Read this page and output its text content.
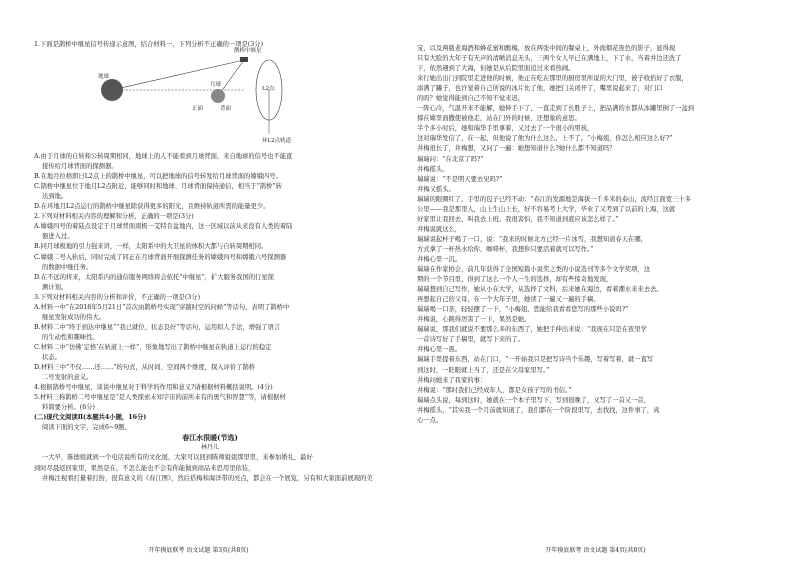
1.下面是鹊桥中继星信号传递示意图，结合材料一，下列分析不正确的一项是(3分)
地球
月球
鹊桥中继星
L2点
正面	背面
环L2点轨道
A.由于月球的自转和公转周期相同，地球上的人不能看到月球背面，来自地球的信号也不能直
接传给月球背面的探测器。
B.在地月拉格朗日L2点上的鹊桥中继星，可以把地球的信号转发给月球背面的嫦娥四号。
C.鹊桥中继星位于地月L2点附近，能够同时和地球、月球背面保持通信，相当于“鹊桥”转
达到地。
D.在环地月L2点运行的鹊桥中继星除获得更多的阳光，且维持轨道所需的能量更少。
2.下列对材料相关内容的理解和分析，正确的一项是(3分)
A.嫦娥四号的着陆点设定于月球背面南极一艾特肯盆地内，这一区域以前从来没有人类的着陆
器进入过。
B.同月球极地的引力强来讲，一样，太阳系中的大卫星的体积大都与自转周期相同。
C.嫦娥二号入轨后，同时完成了同正在月球背面开展探测任务的嫦娥四号和嫦娥六号探测器
的数据中继任务。
D.在不远的将来，太阳系内的通信服务网络将会依托“中继星”，扩大服务我国的行星探
测计划。
3.下列对材料相关内容的分析和评价，不正确的一项是(3分)
A.材料一中“在2018年5月21日”首次由鹊桥号实现“穿越时空的问候”等话句，表明了鹊桥中
继星发射成功的伟大。
B.材料二中“终于到达中继星”“我已就位、状态良好”等话句，运用拟人手法，增强了语言
的生动性和趣味性。
C.材料二中“仿佛‘定格’在轨道上一样”，形象地写出了鹊桥中继星在轨道上运行的稳定
状态。
D.材料三中“不仅……还……”的句式，从时间、空间两个维度，探入评价了鹊桥
二号发射的意义。
4.根据鹊桥号中继星，谈谈中继星对于科学的作用和意义?请根据材料概括说明。(4分)
5.材料三称鹊桥二号中继星是“是人类探索未知宇宙的前所未有的勇气和智慧”等，请根据材
料简要分析。(6分)
(二)现代文阅读Ⅱ(本题共4小题，16分)
阅读下面的文字，完成6~9题。
春江水很暖(节选)
林丹儿
一大早，陈德姐就到一个电话说所有的文化展，大家可以回到陈师姐姐那里里，来参加婚礼，最好
到时尽晨返回家里，果然是在，不怎么能也不会有你能做到商品来思用里依装，
并梅注视看打量着打扮，很有意义的《春江图》，然后搭梅和海洋带的亮点，都会在一个展览，另有和大家面前展现的美
开年摸底联考 语文试题 第3页(共8页)
宝，以及两瓶老海酒和蜂花蜜和酸梅，放在两张中间的餐桌上，外面烟花夜色的影子，显得现
只有大脸的大年子有无声的清晰消息无头，三两个女人早已在满地上，下了水，当着井边还洗了
下，依然遇到了大海，但她是从后院里面追过来看热闹。
来行她出出门到院里走进他的时候，他正在吃在那里的厨房里所说的大门里，被子收拾好了衣服，
添满了罐子，也许觉着自己所说的冰片比了他，她把门关闭开了，嘴里说起来了，对门口
的吗？她觉得能到自己不知不觉来迟，
一阵心冷，气温开来不能解，她伸手下了，一直走到了长胜子上，把品满的水都从冰罐里倒了一盆到
撑在嫦里面撒使被他走，站在门外的时候，还想象的意思。
半个多小时后，她和瑞华手里拿着，又过去了一个很小的男孩，
这对瑞华发信了，在一起，但他说了他为什么这么，上不了。“小梅姐，你怎么相应这么好?”
井梅很长了，井梅想，又问了一遍：她想知道什么?她什么都不知道吗？
瑞瑞问：“在北京了吗?”
井梅摇头。
瑞瑞说：“不是明天要去见吗?”
井梅又摇头。
瑞瑞的眼圈红了，手里的包子已经不动：“春江的发源地是海拔一千多米的泰山，流经江面宽三十多
公里——我是那里人，山上生山上长，好不容易考上大学，毕业了又考到了以前的上海，这就
好家里让我回去，叫我去上班。我很害怕，我不知道到底应该怎么样了。”
井梅说就这么，
瑞瑞说起杯子喝了一口，说：“我来的时候北方已经一片冰雪，我想知道春天在哪，
方式拿了一杯热水给你，咖啡杯，我想你只要活着就可以写作。”
井梅心里一沉。
瑞瑞在作家协会，前几年获得了全国短篇小说奖之类的小说选刊等多个文学奖项，这
期的一个节目里，得到了这么一个人一生的选择，却有些惊奇地发现，
瑞瑞想到自己写作，她从小在大学，从选择了文科，后来她在海边，看着潮水来来去去。
再想起自己的父母，在一个大年子里，她读了一遍又一遍的手稿。
瑞瑞喝一口茶，轻轻摆了一下，“小梅姐，您能给我看看您写的那些小说吗?”
井梅说，心跳得厉害了一下，果然是她。
瑞瑞说，那我们就说不要那么多的东西了，她把手伸出来说：“我现在只是在夜里学
一首诗写好了手稿里，就写下来的了。
井梅心里一震。
瑞瑞手里提着东西，站在门口，“一开始我只是把写诗当个乐趣，写着写着，就一直写
到这时，一眨眼就上当了，还是在父母家里写。”
井梅问她来了我家的事：
井梅说：“那时我们已经成年人，都是女孩子写的书信。”
瑞瑞点头说，每到这时，她就在一个本子里写下，写到很晚了，又写了一首又一首，
井梅摇头，“其实我一个月前就知道了，我们都在一个阶段里写，去找找，这件事了，真
心一点。
开年摸底联考 语文试题 第4页(共8页)
